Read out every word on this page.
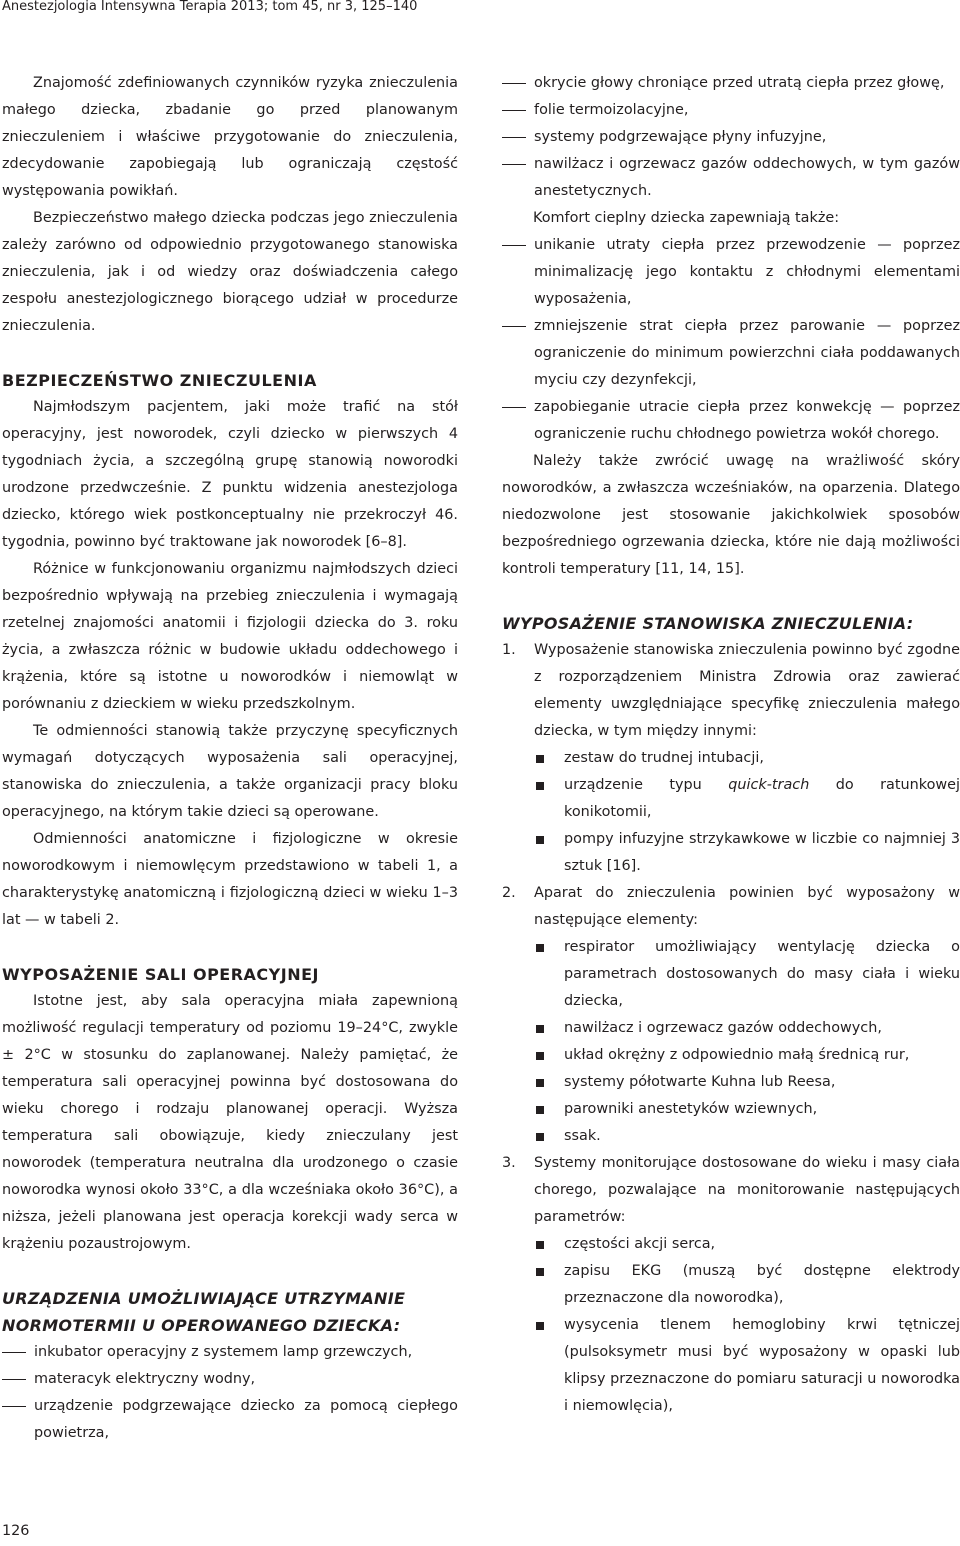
Anestezjologia Intensywna Terapia 2013; tom 45, nr 3, 125–140

Znajomość zdefiniowanych czynników ryzyka znieczulenia małego dziecka, zbadanie go przed planowanym znieczuleniem i właściwe przygotowanie do znieczulenia, zdecydowanie zapobiegają lub ograniczają częstość występowania powikłań.

Bezpieczeństwo małego dziecka podczas jego znieczulenia zależy zarówno od odpowiednio przygotowanego stanowiska znieczulenia, jak i od wiedzy oraz doświadczenia całego zespołu anestezjologicznego biorącego udział w procedurze znieczulenia.

BEZPIECZEŃSTWO ZNIECZULENIA

Najmłodszym pacjentem, jaki może trafić na stół operacyjny, jest noworodek, czyli dziecko w pierwszych 4 tygodniach życia, a szczególną grupę stanowią noworodki urodzone przedwcześnie. Z punktu widzenia anestezjologa dziecko, którego wiek postkonceptualny nie przekroczył 46. tygodnia, powinno być traktowane jak noworodek [6–8].

Różnice w funkcjonowaniu organizmu najmłodszych dzieci bezpośrednio wpływają na przebieg znieczulenia i wymagają rzetelnej znajomości anatomii i fizjologii dziecka do 3. roku życia, a zwłaszcza różnic w budowie układu oddechowego i krążenia, które są istotne u noworodków i niemowląt w porównaniu z dzieckiem w wieku przedszkolnym.

Te odmienności stanowią także przyczynę specyficznych wymagań dotyczących wyposażenia sali operacyjnej, stanowiska do znieczulenia, a także organizacji pracy bloku operacyjnego, na którym takie dzieci są operowane.

Odmienności anatomiczne i fizjologiczne w okresie noworodkowym i niemowlęcym przedstawiono w tabeli 1, a charakterystykę anatomiczną i fizjologiczną dzieci w wieku 1–3 lat — w tabeli 2.

WYPOSAŻENIE SALI OPERACYJNEJ

Istotne jest, aby sala operacyjna miała zapewnioną możliwość regulacji temperatury od poziomu 19–24°C, zwykle ± 2°C w stosunku do zaplanowanej. Należy pamiętać, że temperatura sali operacyjnej powinna być dostosowana do wieku chorego i rodzaju planowanej operacji. Wyższa temperatura sali obowiązuje, kiedy znieczulany jest noworodek (temperatura neutralna dla urodzonego o czasie noworodka wynosi około 33°C, a dla wcześniaka około 36°C), a niższa, jeżeli planowana jest operacja korekcji wady serca w krążeniu pozaustrojowym.

URZĄDZENIA UMOŻLIWIAJĄCE UTRZYMANIE NORMOTERMII U OPEROWANEGO DZIECKA:

inkubator operacyjny z systemem lamp grzewczych,
materacyk elektryczny wodny,
urządzenie podgrzewające dziecko za pomocą ciepłego powietrza,
okrycie głowy chroniące przed utratą ciepła przez głowę,
folie termoizolacyjne,
systemy podgrzewające płyny infuzyjne,
nawilżacz i ogrzewacz gazów oddechowych, w tym gazów anestetycznych.

Komfort cieplny dziecka zapewniają także:

unikanie utraty ciepła przez przewodzenie — poprzez minimalizację jego kontaktu z chłodnymi elementami wyposażenia,
zmniejszenie strat ciepła przez parowanie — poprzez ograniczenie do minimum powierzchni ciała poddawanych myciu czy dezynfekcji,
zapobieganie utracie ciepła przez konwekcję — poprzez ograniczenie ruchu chłodnego powietrza wokół chorego.

Należy także zwrócić uwagę na wrażliwość skóry noworodków, a zwłaszcza wcześniaków, na oparzenia. Dlatego niedozwolone jest stosowanie jakichkolwiek sposobów bezpośredniego ogrzewania dziecka, które nie dają możliwości kontroli temperatury [11, 14, 15].

WYPOSAŻENIE STANOWISKA ZNIECZULENIA:

1. Wyposażenie stanowiska znieczulenia powinno być zgodne z rozporządzeniem Ministra Zdrowia oraz zawierać elementy uwzględniające specyfikę znieczulenia małego dziecka, w tym między innymi:
zestaw do trudnej intubacji,
urządzenie typu quick-trach do ratunkowej konikotomii,
pompy infuzyjne strzykawkowe w liczbie co najmniej 3 sztuk [16].
2. Aparat do znieczulenia powinien być wyposażony w następujące elementy:
respirator umożliwiający wentylację dziecka o parametrach dostosowanych do masy ciała i wieku dziecka,
nawilżacz i ogrzewacz gazów oddechowych,
układ okrężny z odpowiednio małą średnicą rur,
systemy półotwarte Kuhna lub Reesa,
parowniki anestetyków wziewnych,
ssak.
3. Systemy monitorujące dostosowane do wieku i masy ciała chorego, pozwalające na monitorowanie następujących parametrów:
częstości akcji serca,
zapisu EKG (muszą być dostępne elektrody przeznaczone dla noworodka),
wysycenia tlenem hemoglobiny krwi tętniczej (pulsoksymetr musi być wyposażony w opaski lub klipsy przeznaczone do pomiaru saturacji u noworodka i niemowlęcia),
126
